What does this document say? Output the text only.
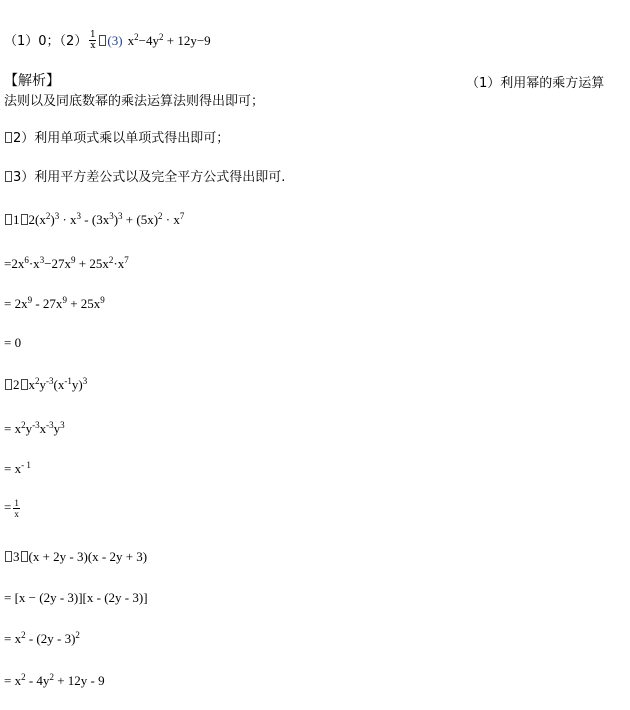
（1）0；$(2) \frac{1}{x} (3) x^2-4y^2 + 12y-9$
【解析】	（1）利用幂的乘方运算
法则以及同底数幂的乘法运算法则得出即可；
2）利用单项式乘以单项式得出即可；
3）利用平方差公式以及完全平方公式得出即可.
1 $2(x^2)^3 \cdot x^3 - (3x^3)^3 + (5x)^2 \cdot x^7$
$=2x^6\cdot x^3-27x^9 + 25x^2\cdot x^7$
= $2x^9 - 27x^9 + 25x^9$
= 0
2 $x^2y^{-3}(x^{-1}y)^3$
= $x^2y^{-3}x^{-3}y^3$
= $x^{- 1}$
= $\frac{1}{x}$
3 (x + 2y - 3)(x - 2y + 3)
= [x − (2y - 3)][x - (2y - 3)]
= $x^2 - (2y - 3)^2$
= $x^2 - 4y^2 + 12y - 9$
